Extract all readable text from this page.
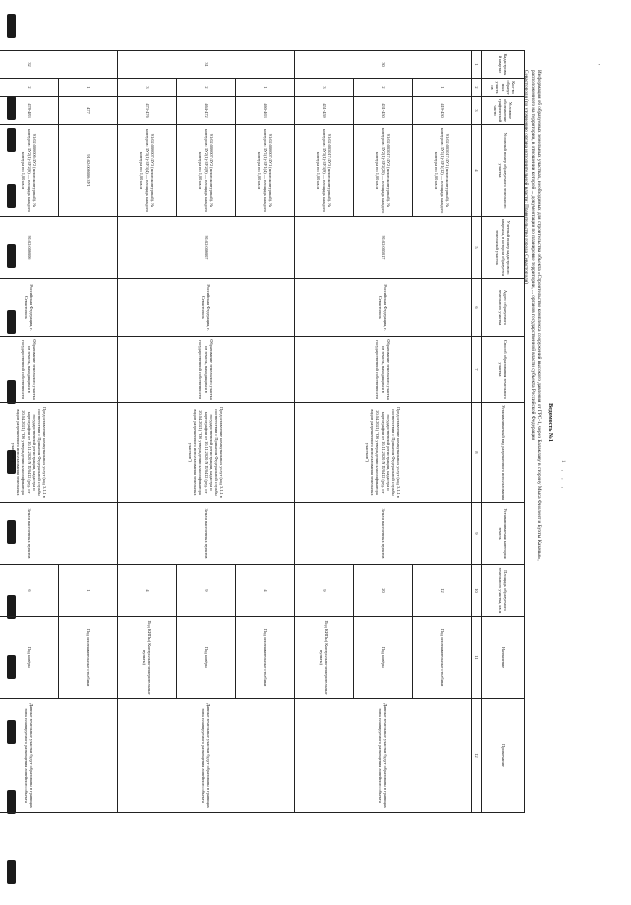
·
Ведомость №1
Информация об образуемых земельных участках, необходимых для строительства объекта «Строительство комплекса сооружений высокого давления от ГРС-1, через Балаклаву в сторону Мыса Фиолент и Бухты Казачья»,
расположенного на территории, в отношении которой ... документации по планировке территории, ... органов государственной власти субъекта Российской Федерации
Севастополя (по уточнению органа исполнительной власти: Правительство города Севастополя)
1 , , ,
Кадастровый квартал	Кол-во образуемых участков	Условное обозначение графической части	Условный номер образуемого земельного участка	Учетный номер кадастрового квартала, в котором образуется земельный участок	Адрес образуемого земельного участка	Способ образования земельного участка	Устанавливаемый вид разрешенного использования	Устанавливаемая категория земель	Площадь образуемого земельного участка, кв.м	Назначение	Примечание
1	2	3	4	5	6	7	8	9	10	11	12
30	1	419-430	91:02:005017:ЗУ1 (многоконтурный). № контуров: ЗУ1(1)-ЗУ1(12) — площадь каждого контура по 1,00 кв.м	91:02:005017	Российская Федерация, г. Севастополь	Образование земельного участка из земель, находящихся в государственной собственности	Предоставление коммунальных услуг (код 3.1.1 в соответствии с Приказом Федеральной службы государственной регистрации, кадастра и картографии от 10.11.2020 N П/0412 (ред. от 20.04.2021) "Об утверждении классификатора видов разрешенного использования земельных участков")	Земли населенных пунктов	12	Под опознавательные столбики	Данные земельные участки будут образованы в границах зоны планируемого размещения линейного объекта
	2	431-450	91:02:005017:ЗУ2 (многоконтурный). № контуров: ЗУ2(1)-ЗУ2(20) — площадь каждого контура по 1,00 кв.м						20	Под ковёры	
	3	451-459	91:02:005017:ЗУ3 (многоконтурный). № контуров: ЗУ3(1)-ЗУ3(9) — площадь каждого контура по 1,00 кв.м						9	Под КИПы( Контрольно-измерительные пункты)	
31	1	460-463	91:02:006007:ЗУ1 (многоконтурный). № контуров: ЗУ1(1)-ЗУ1(4) — площадь каждого контура по 1,00 кв.м	91:02:006007	Российская Федерация, г. Севастополь	Образование земельного участка из земель, находящихся в государственной собственности	Предоставление коммунальных услуг (код 3.1.1 в соответствии с Приказом Федеральной службы государственной регистрации, кадастра и картографии от 10.11.2020 N П/0412 (ред. от 20.04.2021) "Об утверждении классификатора видов разрешенного использования земельных участков")	Земли населенных пунктов	4	Под опознавательные столбики	Данные земельные участки будут образованы в границах зоны планируемого размещения линейного объекта
	2	464-472	91:02:006007:ЗУ2 (многоконтурный). № контуров: ЗУ2(1)-ЗУ2(9) — площадь каждого контура по 1,00 кв.м						9	Под ковёры	
	3	473-476	91:02:006007:ЗУ3 (многоконтурный). № контуров: ЗУ3(1)-ЗУ3(4) — площадь каждого контура по 1,00 кв.м						4	Под КИПы( Контрольно-измерительные пункты)	
32	1	477	91:02:006006:ЗУ1	91:02:006006	Российская Федерация, г. Севастополь	Образование земельного участка из земель, находящихся в государственной собственности	Предоставление коммунальных услуг (код 3.1.1 в соответствии с Приказом Федеральной службы государственной регистрации, кадастра и картографии от 10.11.2020 N П/0412 (ред. от 20.04.2021) "Об утверждении классификатора видов разрешенного использования земельных участков")	Земли населенных пунктов	1	Под опознавательные столбики	Данные земельные участки будут образованы в границах зоны планируемого размещения линейного объекта
	2	478-483	91:02:006006:ЗУ2 (многоконтурный). № контуров: ЗУ2(1)-ЗУ2(6) — площадь каждого контура по 1,00 кв.м						6	Под ковёры	
